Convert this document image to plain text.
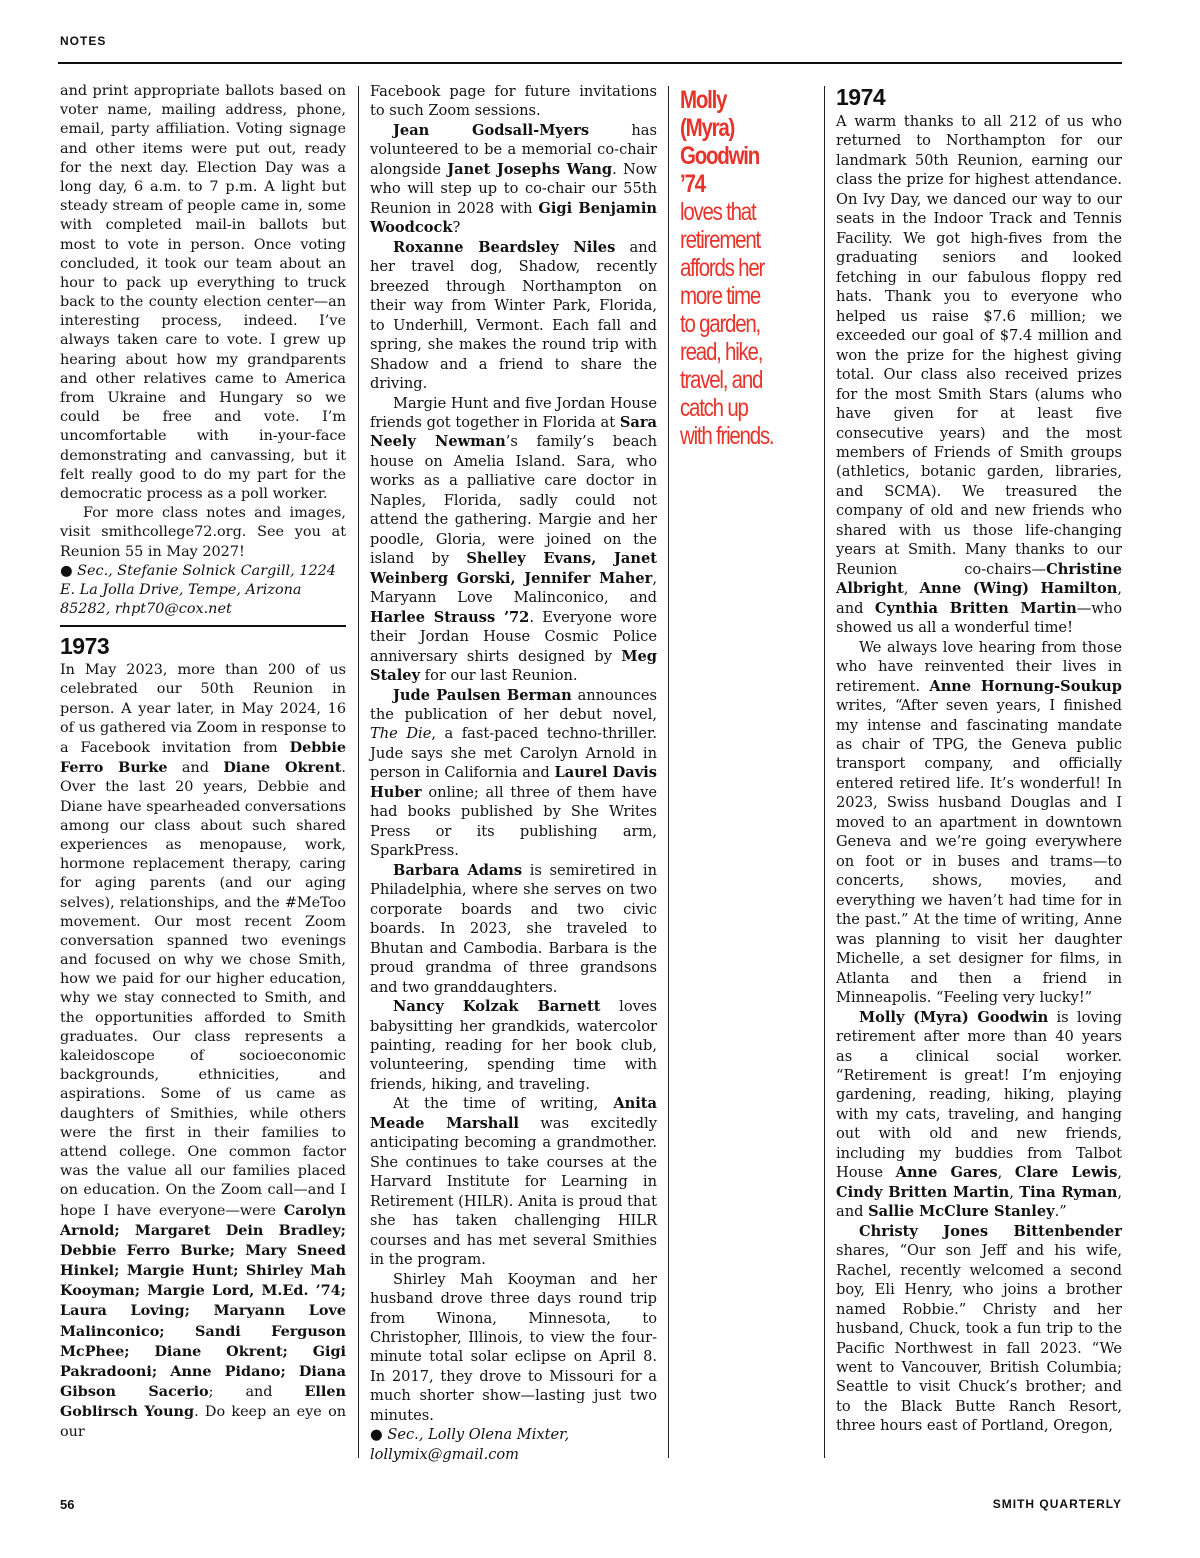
NOTES

and print appropriate ballots based on voter name, mailing address, phone, email, party affiliation. Voting signage and other items were put out, ready for the next day. Election Day was a long day, 6 a.m. to 7 p.m. A light but steady stream of people came in, some with completed mail-in ballots but most to vote in person. Once voting concluded, it took our team about an hour to pack up everything to truck back to the county election center—an interesting process, indeed. I’ve always taken care to vote. I grew up hearing about how my grandparents and other relatives came to America from Ukraine and Hungary so we could be free and vote. I’m uncomfortable with in-your-face demonstrating and canvassing, but it felt really good to do my part for the democratic process as a poll worker.

For more class notes and images, visit smithcollege72.org. See you at Reunion 55 in May 2027!

● Sec., Stefanie Solnick Cargill, 1224 E. La Jolla Drive, Tempe, Arizona 85282, rhpt70@cox.net

1973

In May 2023, more than 200 of us celebrated our 50th Reunion in person. A year later, in May 2024, 16 of us gathered via Zoom in response to a Facebook invitation from Debbie Ferro Burke and Diane Okrent. Over the last 20 years, Debbie and Diane have spearheaded conversations among our class about such shared experiences as menopause, work, hormone replacement therapy, caring for aging parents (and our aging selves), relationships, and the #MeToo movement. Our most recent Zoom conversation spanned two evenings and focused on why we chose Smith, how we paid for our higher education, why we stay connected to Smith, and the opportunities afforded to Smith graduates. Our class represents a kaleidoscope of socioeconomic backgrounds, ethnicities, and aspirations. Some of us came as daughters of Smithies, while others were the first in their families to attend college. One common factor was the value all our families placed on education. On the Zoom call—and I hope I have everyone—were Carolyn Arnold; Margaret Dein Bradley; Debbie Ferro Burke; Mary Sneed Hinkel; Margie Hunt; Shirley Mah Kooyman; Margie Lord, M.Ed. ’74; Laura Loving; Maryann Love Malinconico; Sandi Ferguson McPhee; Diane Okrent; Gigi Pakradooni; Anne Pidano; Diana Gibson Sacerio; and Ellen Goblirsch Young. Do keep an eye on our

Facebook page for future invitations to such Zoom sessions.

Jean Godsall-Myers has volunteered to be a memorial co-chair alongside Janet Josephs Wang. Now who will step up to co-chair our 55th Reunion in 2028 with Gigi Benjamin Woodcock?

Roxanne Beardsley Niles and her travel dog, Shadow, recently breezed through Northampton on their way from Winter Park, Florida, to Underhill, Vermont. Each fall and spring, she makes the round trip with Shadow and a friend to share the driving.

Margie Hunt and five Jordan House friends got together in Florida at Sara Neely Newman’s family’s beach house on Amelia Island. Sara, who works as a palliative care doctor in Naples, Florida, sadly could not attend the gathering. Margie and her poodle, Gloria, were joined on the island by Shelley Evans, Janet Weinberg Gorski, Jennifer Maher, Maryann Love Malinconico, and Harlee Strauss ’72. Everyone wore their Jordan House Cosmic Police anniversary shirts designed by Meg Staley for our last Reunion.

Jude Paulsen Berman announces the publication of her debut novel, The Die, a fast-paced techno-thriller. Jude says she met Carolyn Arnold in person in California and Laurel Davis Huber online; all three of them have had books published by She Writes Press or its publishing arm, SparkPress.

Barbara Adams is semiretired in Philadelphia, where she serves on two corporate boards and two civic boards. In 2023, she traveled to Bhutan and Cambodia. Barbara is the proud grandma of three grandsons and two granddaughters.

Nancy Kolzak Barnett loves babysitting her grandkids, watercolor painting, reading for her book club, volunteering, spending time with friends, hiking, and traveling.

At the time of writing, Anita Meade Marshall was excitedly anticipating becoming a grandmother. She continues to take courses at the Harvard Institute for Learning in Retirement (HILR). Anita is proud that she has taken challenging HILR courses and has met several Smithies in the program.

Shirley Mah Kooyman and her husband drove three days round trip from Winona, Minnesota, to Christopher, Illinois, to view the four-minute total solar eclipse on April 8. In 2017, they drove to Missouri for a much shorter show—lasting just two minutes.

● Sec., Lolly Olena Mixter, lollymix@gmail.com

Molly (Myra) Goodwin ’74
loves that retirement affords her more time to garden, read, hike, travel, and catch up with friends.
1974

A warm thanks to all 212 of us who returned to Northampton for our landmark 50th Reunion, earning our class the prize for highest attendance. On Ivy Day, we danced our way to our seats in the Indoor Track and Tennis Facility. We got high-fives from the graduating seniors and looked fetching in our fabulous floppy red hats. Thank you to everyone who helped us raise $7.6 million; we exceeded our goal of $7.4 million and won the prize for the highest giving total. Our class also received prizes for the most Smith Stars (alums who have given for at least five consecutive years) and the most members of Friends of Smith groups (athletics, botanic garden, libraries, and SCMA). We treasured the company of old and new friends who shared with us those life-changing years at Smith. Many thanks to our Reunion co-chairs—Christine Albright, Anne (Wing) Hamilton, and Cynthia Britten Martin—who showed us all a wonderful time!

We always love hearing from those who have reinvented their lives in retirement. Anne Hornung-Soukup writes, “After seven years, I finished my intense and fascinating mandate as chair of TPG, the Geneva public transport company, and officially entered retired life. It’s wonderful! In 2023, Swiss husband Douglas and I moved to an apartment in downtown Geneva and we’re going everywhere on foot or in buses and trams—to concerts, shows, movies, and everything we haven’t had time for in the past.” At the time of writing, Anne was planning to visit her daughter Michelle, a set designer for films, in Atlanta and then a friend in Minneapolis. “Feeling very lucky!”

Molly (Myra) Goodwin is loving retirement after more than 40 years as a clinical social worker. “Retirement is great! I’m enjoying gardening, reading, hiking, playing with my cats, traveling, and hanging out with old and new friends, including my buddies from Talbot House Anne Gares, Clare Lewis, Cindy Britten Martin, Tina Ryman, and Sallie McClure Stanley.”

Christy Jones Bittenbender shares, “Our son Jeff and his wife, Rachel, recently welcomed a second boy, Eli Henry, who joins a brother named Robbie.” Christy and her husband, Chuck, took a fun trip to the Pacific Northwest in fall 2023. “We went to Vancouver, British Columbia; Seattle to visit Chuck’s brother; and to the Black Butte Ranch Resort, three hours east of Portland, Oregon,

56	SMITH QUARTERLY
